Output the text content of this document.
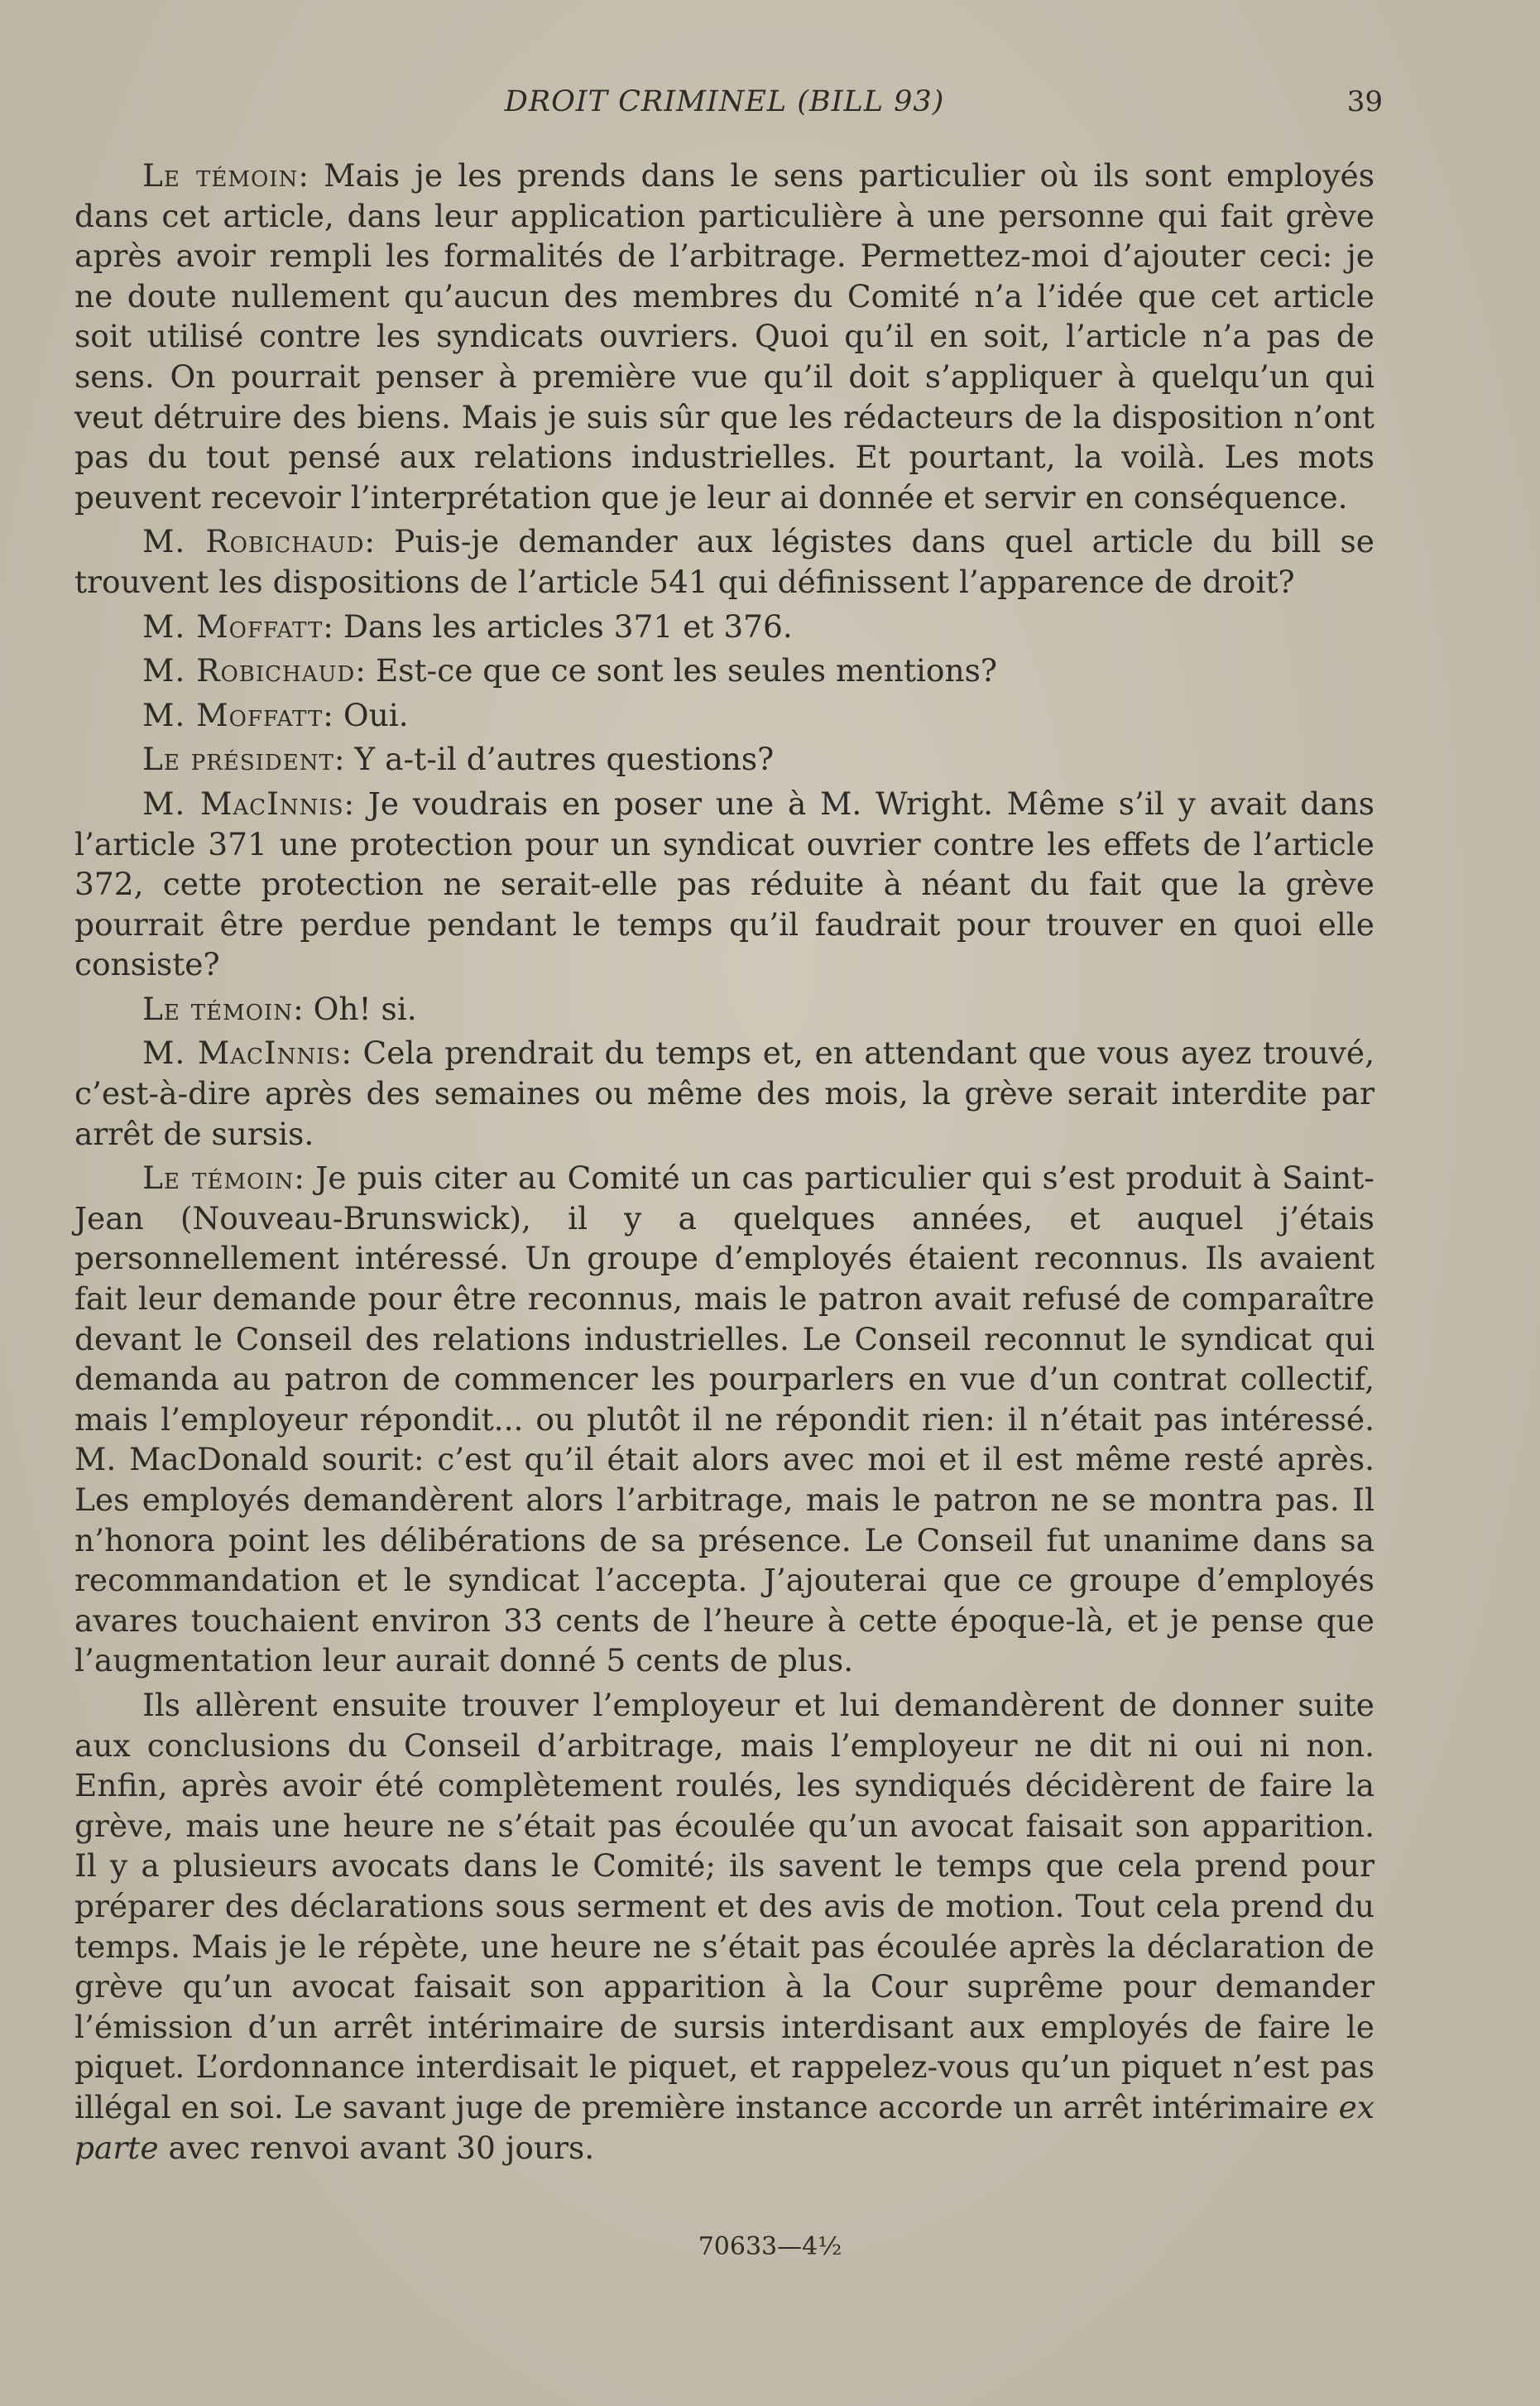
DROIT CRIMINEL (BILL 93)	39

Le témoin: Mais je les prends dans le sens particulier où ils sont employés dans cet article, dans leur application particulière à une personne qui fait grève après avoir rempli les formalités de l’arbitrage. Permettez-moi d’ajouter ceci: je ne doute nullement qu’aucun des membres du Comité n’a l’idée que cet article soit utilisé contre les syndicats ouvriers. Quoi qu’il en soit, l’article n’a pas de sens. On pourrait penser à première vue qu’il doit s’appliquer à quelqu’un qui veut détruire des biens. Mais je suis sûr que les rédacteurs de la disposition n’ont pas du tout pensé aux relations industrielles. Et pourtant, la voilà. Les mots peuvent recevoir l’interprétation que je leur ai donnée et servir en conséquence.

M. Robichaud: Puis-je demander aux légistes dans quel article du bill se trouvent les dispositions de l’article 541 qui définissent l’apparence de droit?

M. Moffatt: Dans les articles 371 et 376.

M. Robichaud: Est-ce que ce sont les seules mentions?

M. Moffatt: Oui.

Le président: Y a-t-il d’autres questions?

M. MacInnis: Je voudrais en poser une à M. Wright. Même s’il y avait dans l’article 371 une protection pour un syndicat ouvrier contre les effets de l’article 372, cette protection ne serait-elle pas réduite à néant du fait que la grève pourrait être perdue pendant le temps qu’il faudrait pour trouver en quoi elle consiste?

Le témoin: Oh! si.

M. MacInnis: Cela prendrait du temps et, en attendant que vous ayez trouvé, c’est-à-dire après des semaines ou même des mois, la grève serait interdite par arrêt de sursis.

Le témoin: Je puis citer au Comité un cas particulier qui s’est produit à Saint-Jean (Nouveau-Brunswick), il y a quelques années, et auquel j’étais personnellement intéressé. Un groupe d’employés étaient reconnus. Ils avaient fait leur demande pour être reconnus, mais le patron avait refusé de comparaître devant le Conseil des relations industrielles. Le Conseil reconnut le syndicat qui demanda au patron de commencer les pourparlers en vue d’un contrat collectif, mais l’employeur répondit... ou plutôt il ne répondit rien: il n’était pas intéressé. M. MacDonald sourit: c’est qu’il était alors avec moi et il est même resté après. Les employés demandèrent alors l’arbitrage, mais le patron ne se montra pas. Il n’honora point les délibérations de sa présence. Le Conseil fut unanime dans sa recommandation et le syndicat l’accepta. J’ajouterai que ce groupe d’employés avares touchaient environ 33 cents de l’heure à cette époque-là, et je pense que l’augmentation leur aurait donné 5 cents de plus.

Ils allèrent ensuite trouver l’employeur et lui demandèrent de donner suite aux conclusions du Conseil d’arbitrage, mais l’employeur ne dit ni oui ni non. Enfin, après avoir été complètement roulés, les syndiqués décidèrent de faire la grève, mais une heure ne s’était pas écoulée qu’un avocat faisait son apparition. Il y a plusieurs avocats dans le Comité; ils savent le temps que cela prend pour préparer des déclarations sous serment et des avis de motion. Tout cela prend du temps. Mais je le répète, une heure ne s’était pas écoulée après la déclaration de grève qu’un avocat faisait son apparition à la Cour suprême pour demander l’émission d’un arrêt intérimaire de sursis interdisant aux employés de faire le piquet. L’ordonnance interdisait le piquet, et rappelez-vous qu’un piquet n’est pas illégal en soi. Le savant juge de première instance accorde un arrêt intérimaire ex parte avec renvoi avant 30 jours.

70633—4½
